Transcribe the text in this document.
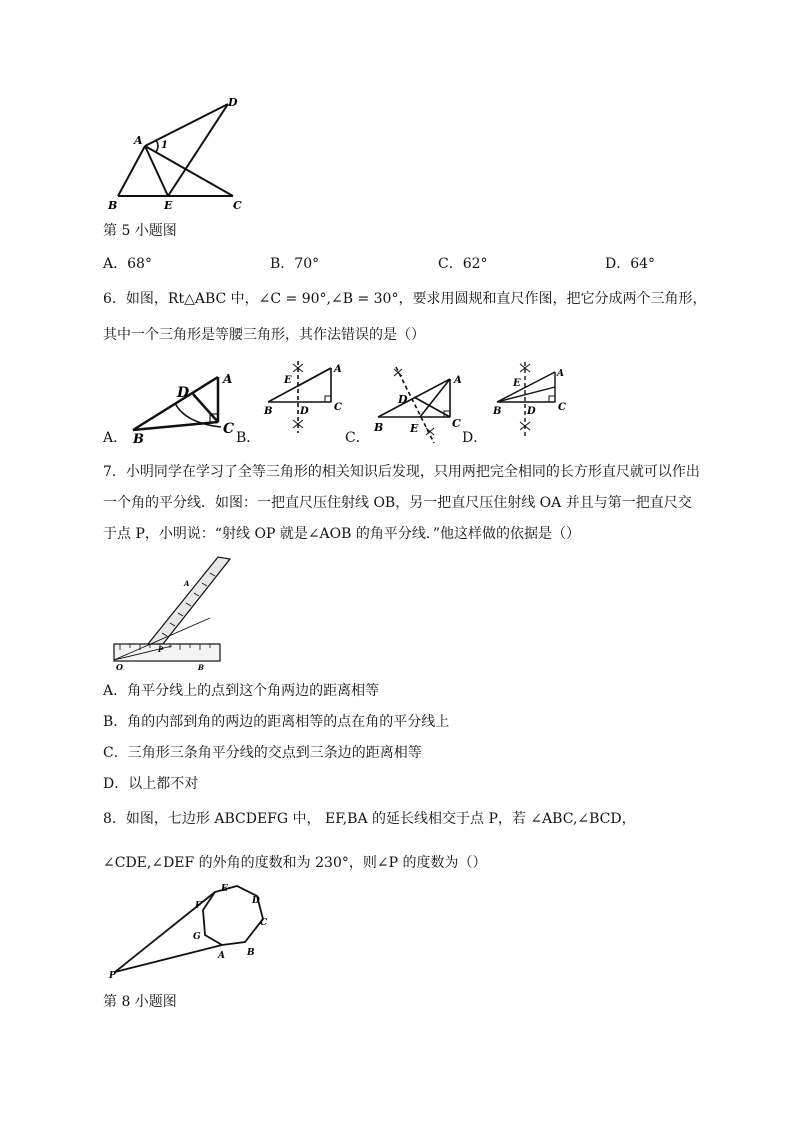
A
D
1
B	E	C
第 5 小题图
A．68°	B．70°	C．62°	D．64°
6．如图，Rt△ABC 中，∠C = 90°,∠B = 30°，要求用圆规和直尺作图，把它分成两个三角形，
其中一个三角形是等腰三角形，其作法错误的是（）
D
A
B
C
E
A
B	D	C
D
A
B E	C
E
A
B	D C
A．	B．	C．	D．
7．小明同学在学习了全等三角形的相关知识后发现，只用两把完全相同的长方形直尺就可以作出
一个角的平分线．如图：一把直尺压住射线 OB，另一把直尺压住射线 OA 并且与第一把直尺交
于点 P，小明说：“射线 OP 就是∠AOB 的角平分线．”他这样做的依据是（）
A
P
O	B
A．角平分线上的点到这个角两边的距离相等
B．角的内部到角的两边的距离相等的点在角的平分线上
C．三角形三条角平分线的交点到三条边的距离相等
D．以上都不对
8．如图，七边形 ABCDEFG 中， EF,BA 的延长线相交于点 P，若 ∠ABC,∠BCD，
∠CDE,∠DEF 的外角的度数和为 230°，则∠P 的度数为（）
E
D
C
B
A
G
F
P
第 8 小题图
